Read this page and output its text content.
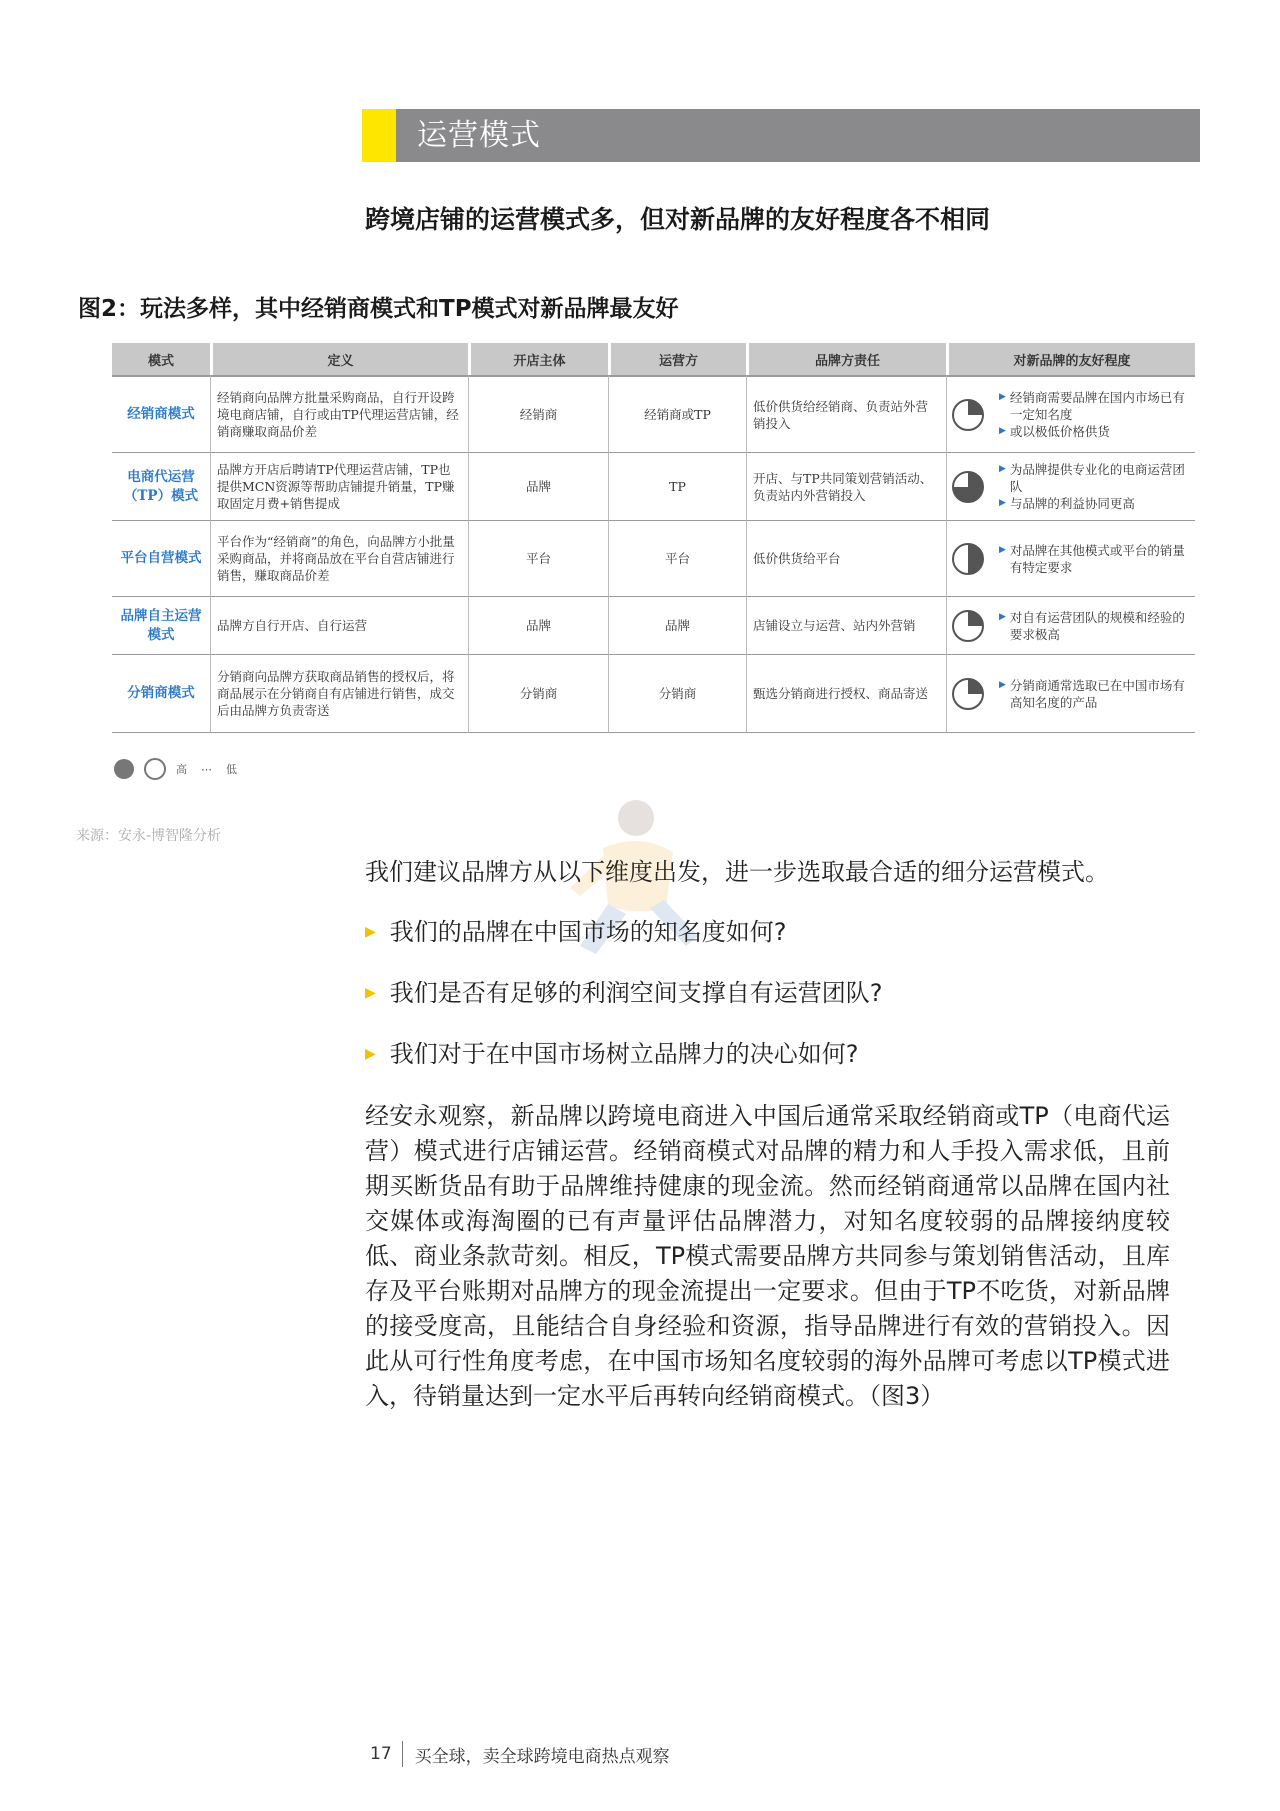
运营模式
跨境店铺的运营模式多，但对新品牌的友好程度各不相同
图2：玩法多样，其中经销商模式和TP模式对新品牌最友好
模式	定义	开店主体	运营方	品牌方责任	对新品牌的友好程度
经销商模式	经销商向品牌方批量采购商品，自行开设跨境电商店铺，自行或由TP代理运营店铺，经销商赚取商品价差	经销商	经销商或TP	低价供货给经销商、负责站外营销投入	▶ 经销商需要品牌在国内市场已有一定知名度
▶ 或以极低价格供货

电商代运营（TP）模式	品牌方开店后聘请TP代理运营店铺，TP也提供MCN资源等帮助店铺提升销量，TP赚取固定月费+销售提成	品牌	TP	开店、与TP共同策划营销活动、负责站内外营销投入	▶ 为品牌提供专业化的电商运营团队
▶ 与品牌的利益协同更高

平台自营模式	平台作为“经销商”的角色，向品牌方小批量采购商品，并将商品放在平台自营店铺进行销售，赚取商品价差	平台	平台	低价供货给平台	▶ 对品牌在其他模式或平台的销量有特定要求

品牌自主运营模式	品牌方自行开店、自行运营	品牌	品牌	店铺设立与运营、站内外营销	▶ 对自有运营团队的规模和经验的要求极高

分销商模式	分销商向品牌方获取商品销售的授权后，将商品展示在分销商自有店铺进行销售，成交后由品牌方负责寄送	分销商	分销商	甄选分销商进行授权、商品寄送	▶ 分销商通常选取已在中国市场有高知名度的产品
高 ⋯ 低
来源：安永-博智隆分析
我们建议品牌方从以下维度出发，进一步选取最合适的细分运营模式。
▶ 我们的品牌在中国市场的知名度如何?
▶ 我们是否有足够的利润空间支撑自有运营团队?
▶ 我们对于在中国市场树立品牌力的决心如何?
经安永观察，新品牌以跨境电商进入中国后通常采取经销商或TP（电商代运营）模式进行店铺运营。经销商模式对品牌的精力和人手投入需求低，且前期买断货品有助于品牌维持健康的现金流。然而经销商通常以品牌在国内社交媒体或海淘圈的已有声量评估品牌潜力，对知名度较弱的品牌接纳度较低、商业条款苛刻。相反，TP模式需要品牌方共同参与策划销售活动，且库存及平台账期对品牌方的现金流提出一定要求。但由于TP不吃货，对新品牌的接受度高，且能结合自身经验和资源，指导品牌进行有效的营销投入。因此从可行性角度考虑，在中国市场知名度较弱的海外品牌可考虑以TP模式进入，待销量达到一定水平后再转向经销商模式。（图3）
17 买全球，卖全球跨境电商热点观察
